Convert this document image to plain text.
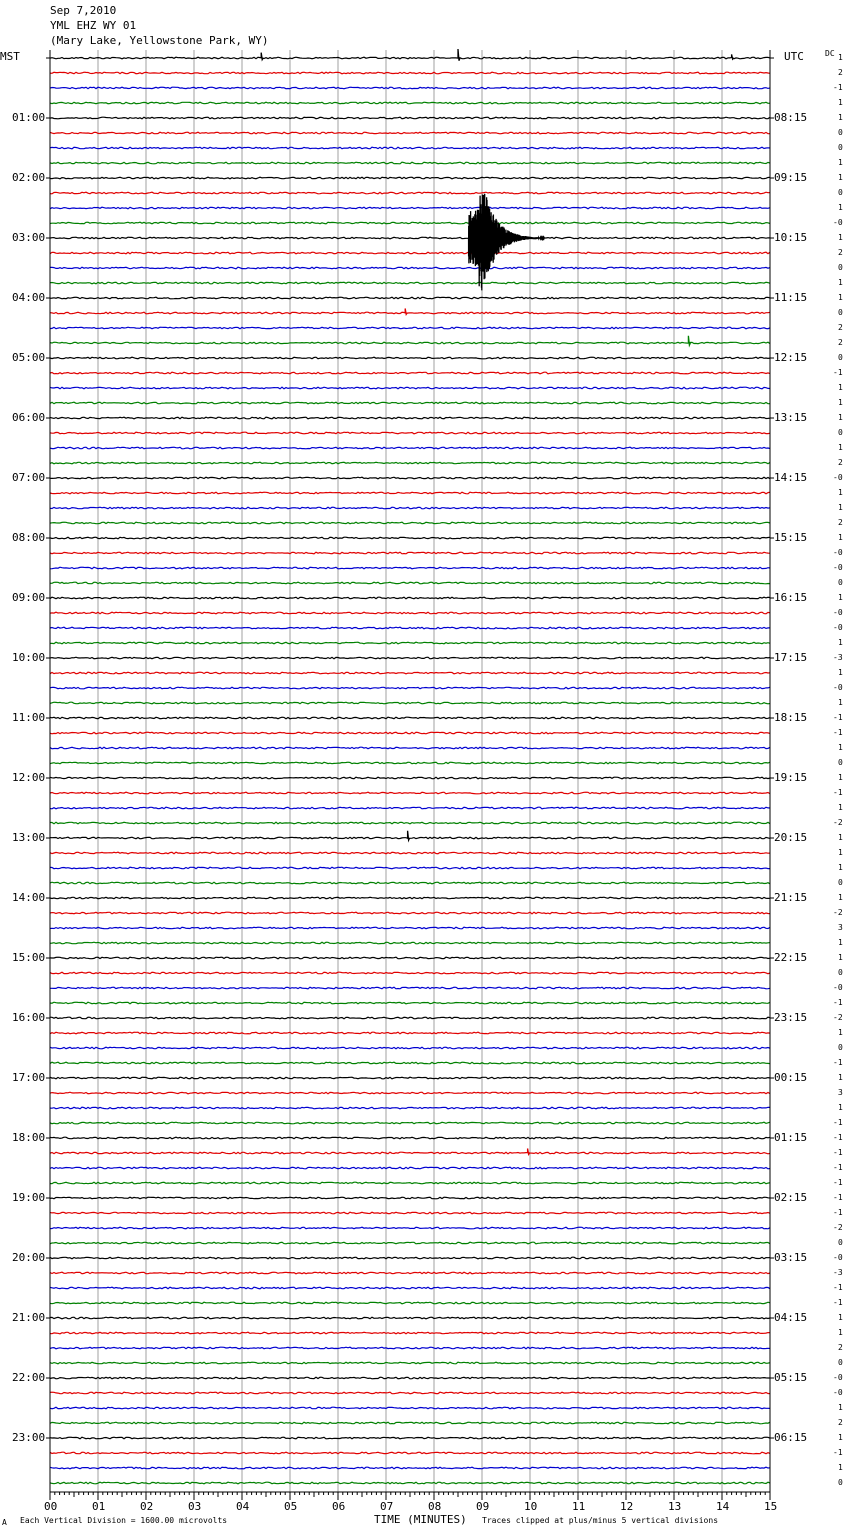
Sep 7,2010
YML EHZ WY 01
(Mary Lake, Yellowstone Park, WY)
MST	UTC	DC
01:00
02:00
03:00
04:00
05:00
06:00
07:00
08:00
09:00
10:00
11:00
12:00
13:00
14:00
15:00
16:00
17:00
18:00
19:00
20:00
21:00
22:00
23:00
08:15
09:15
10:15
11:15
12:15
13:15
14:15
15:15
16:15
17:15
18:15
19:15
20:15
21:15
22:15
23:15
00:15
01:15
02:15
03:15
04:15
05:15
06:15
1
2
-1
1
1
0
0
1
1
0
1
-0
1
2
0
1
1
0
2
2
0
-1
1
1
1
0
1
2
-0
1
1
2
1
-0
-0
0
1
-0
-0
1
-3
1
-0
1
-1
-1
1
0
1
-1
1
-2
1
1
1
0
1
-2
3
1
1
0
-0
-1
-2
1
0
-1
1
3
1
-1
-1
-1
-1
-1
-1
-1
-2
0
-0
-3
-1
-1
1
1
2
0
-0
-0
1
2
1
-1
1
0
00	01	02	03	04	05	06	07	08	09	10	11	12	13	14	15
A Each Vertical Division = 1600.00 microvolts	TIME (MINUTES) Traces clipped at plus/minus 5 vertical divisions
